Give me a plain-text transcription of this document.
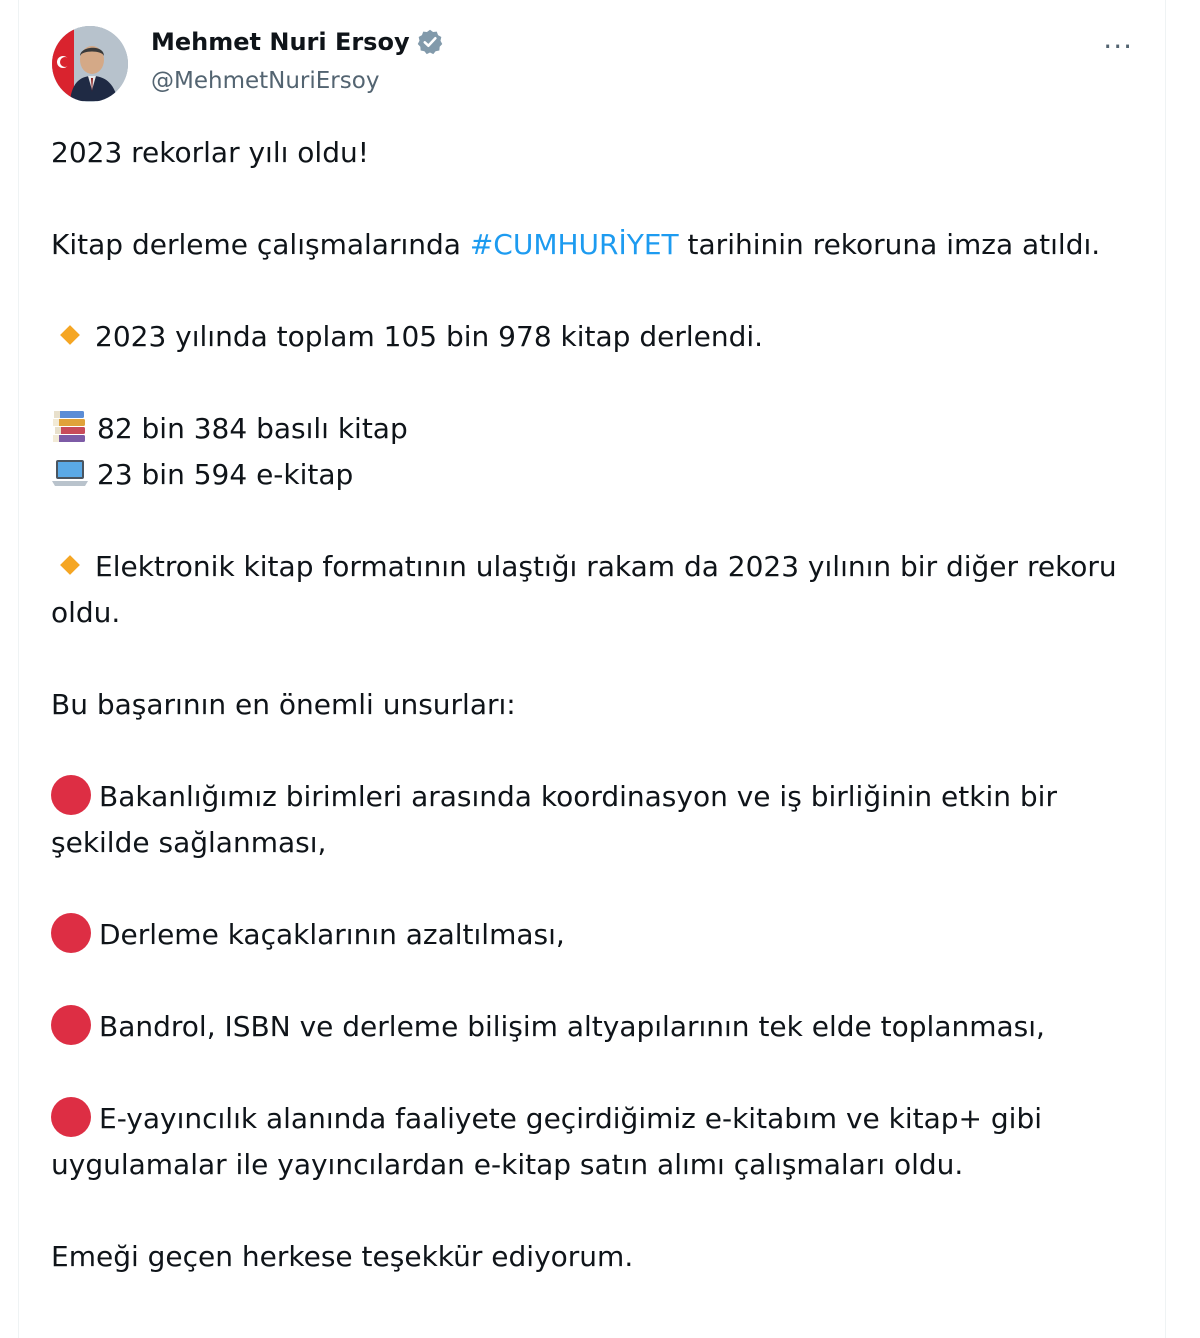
Mehmet Nuri Ersoy
@MehmetNuriErsoy
···

2023 rekorlar yılı oldu!

Kitap derleme çalışmalarında #CUMHURİYET tarihinin rekoruna imza atıldı.

2023 yılında toplam 105 bin 978 kitap derlendi.

82 bin 384 basılı kitap

23 bin 594 e-kitap

Elektronik kitap formatının ulaştığı rakam da 2023 yılının bir diğer rekoru oldu.

Bu başarının en önemli unsurları:

Bakanlığımız birimleri arasında koordinasyon ve iş birliğinin etkin bir şekilde sağlanması,

Derleme kaçaklarının azaltılması,

Bandrol, ISBN ve derleme bilişim altyapılarının tek elde toplanması,

E-yayıncılık alanında faaliyete geçirdiğimiz e-kitabım ve kitap+ gibi uygulamalar ile yayıncılardan e-kitap satın alımı çalışmaları oldu.

Emeği geçen herkese teşekkür ediyorum.
